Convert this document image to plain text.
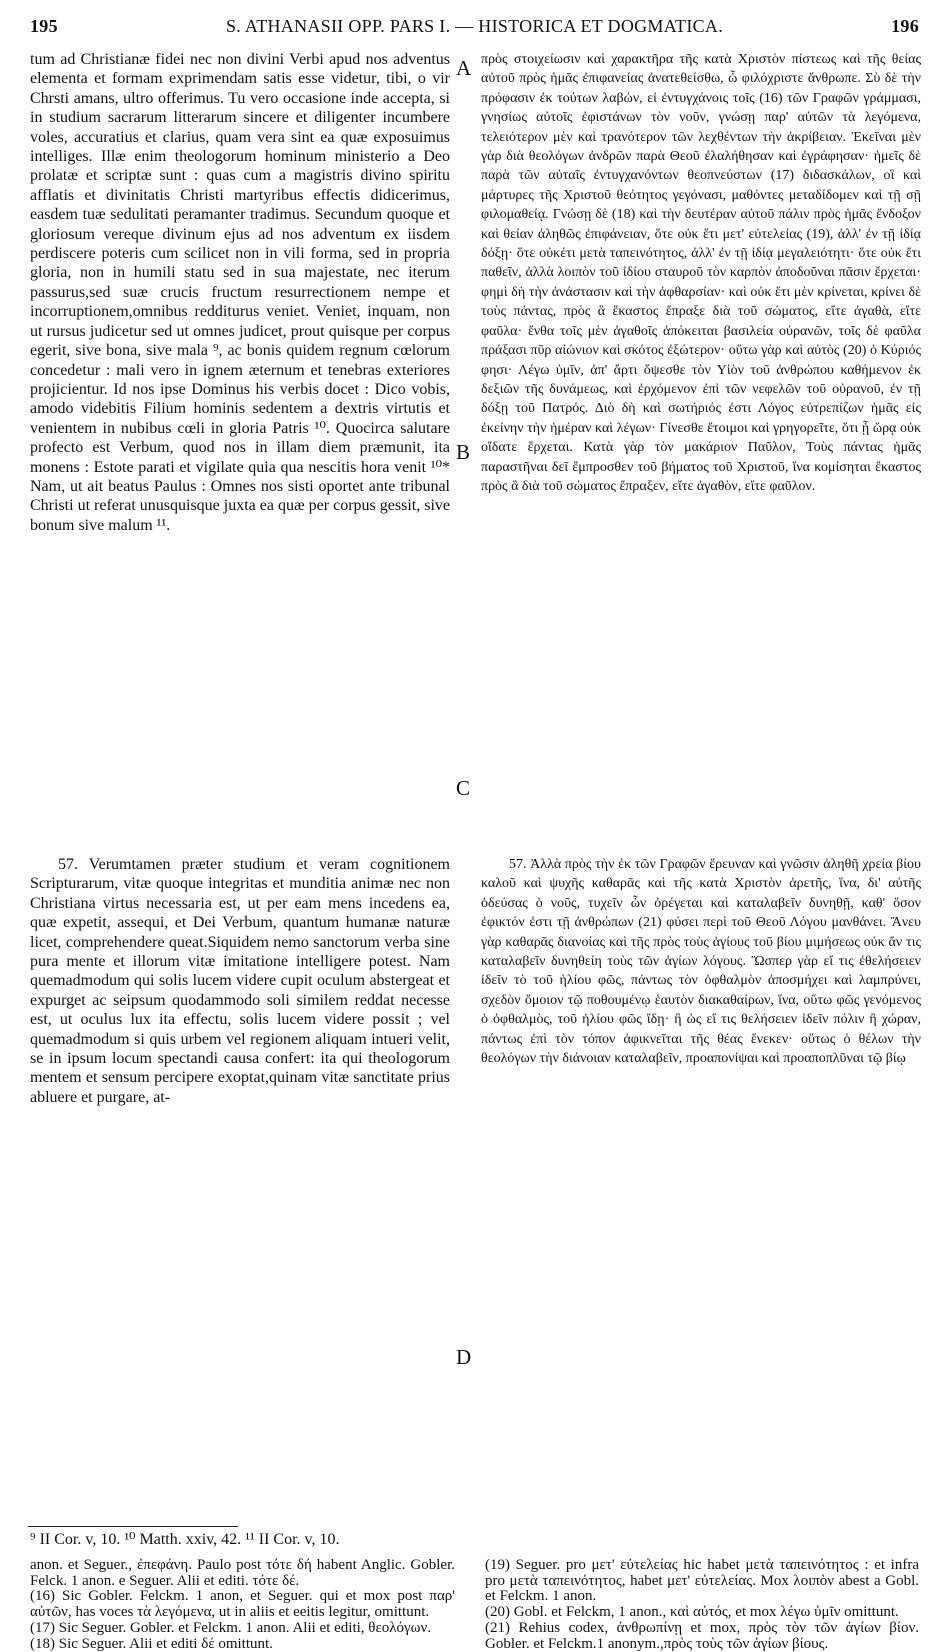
195	S. ATHANASII OPP. PARS I. — HISTORICA ET DOGMATICA.	196

tum ad Christianæ fidei nec non divini Verbi apud nos adventus elementa et formam exprimendam satis esse videtur, tibi, o vir Chrsti amans, ultro offerimus. Tu vero occasione inde accepta, si in studium sacrarum litterarum sincere et diligenter incumbere voles, accuratius et clarius, quam vera sint ea quæ exposuimus intelliges. Illæ enim theologorum hominum ministerio a Deo prolatæ et scriptæ sunt : quas cum a magistris divino spiritu afflatis et divinitatis Christi martyribus effectis didicerimus, easdem tuæ sedulitati peramanter tradimus. Secundum quoque et gloriosum vereque divinum ejus ad nos adventum ex iisdem perdiscere poteris cum scilicet non in vili forma, sed in propria gloria, non in humili statu sed in sua majestate, nec iterum passurus,sed suæ crucis fructum resurrectionem nempe et incorruptionem,omnibus redditurus veniet. Veniet, inquam, non ut rursus judicetur sed ut omnes judicet, prout quisque per corpus egerit, sive bona, sive mala ⁹, ac bonis quidem regnum cœlorum concedetur : mali vero in ignem æternum et tenebras exteriores projicientur. Id nos ipse Dominus his verbis docet : Dico vobis, amodo videbitis Filium hominis sedentem a dextris virtutis et venientem in nubibus cœli in gloria Patris ¹⁰. Quocirca salutare profecto est Verbum, quod nos in illam diem præmunit, ita monens : Estote parati et vigilate quia qua nescitis hora venit ¹⁰* Nam, ut ait beatus Paulus : Omnes nos sisti oportet ante tribunal Christi ut referat unusquisque juxta ea quæ per corpus gessit, sive bonum sive malum ¹¹.

πρὸς στοιχείωσιν καὶ χαρακτῆρα τῆς κατὰ Χριστὸν πίστεως καὶ τῆς θείας αὐτοῦ πρὸς ἡμᾶς ἐπιφανείας ἀνατεθείσθω, ὦ φιλόχριστε ἄνθρωπε. Σὺ δὲ τὴν πρόφασιν ἐκ τούτων λαβών, εἰ ἐντυγχάνοις τοῖς (16) τῶν Γραφῶν γράμμασι, γνησίως αὐτοῖς ἐφιστάνων τὸν νοῦν, γνώσῃ παρ' αὐτῶν τὰ λεγόμενα, τελειότερον μὲν καὶ τρανότερον τῶν λεχθέντων τὴν ἀκρίβειαν. Ἐκεῖναι μὲν γὰρ διὰ θεολόγων ἀνδρῶν παρὰ Θεοῦ ἐλαλήθησαν καὶ ἐγράφησαν· ἡμεῖς δὲ παρὰ τῶν αὐταῖς ἐντυγχανόντων θεοπνεύστων (17) διδασκάλων, οἳ καὶ μάρτυρες τῆς Χριστοῦ θεότητος γεγόνασι, μαθόντες μεταδίδομεν καὶ τῇ σῇ φιλομαθείᾳ. Γνώσῃ δὲ (18) καὶ τὴν δευτέραν αὐτοῦ πάλιν πρὸς ἡμᾶς ἔνδοξον καὶ θείαν ἀληθῶς ἐπιφάνειαν, ὅτε οὐκ ἔτι μετ' εὐτελείας (19), ἀλλ' ἐν τῇ ἰδίᾳ δόξῃ· ὅτε οὐκέτι μετὰ ταπεινότητος, ἀλλ' ἐν τῇ ἰδίᾳ μεγαλειότητι· ὅτε οὐκ ἔτι παθεῖν, ἀλλὰ λοιπὸν τοῦ ἰδίου σταυροῦ τὸν καρπὸν ἀποδοῦναι πᾶσιν ἔρχεται· φημὶ δὴ τὴν ἀνάστασιν καὶ τὴν ἀφθαρσίαν· καὶ οὐκ ἔτι μὲν κρίνεται, κρίνει δὲ τοὺς πάντας, πρὸς ἃ ἕκαστος ἔπραξε διὰ τοῦ σώματος, εἴτε ἀγαθὰ, εἴτε φαῦλα· ἔνθα τοῖς μὲν ἀγαθοῖς ἀπόκειται βασιλεία οὐρανῶν, τοῖς δὲ φαῦλα πράξασι πῦρ αἰώνιον καὶ σκότος ἐξώτερον· οὕτω γὰρ καὶ αὐτὸς (20) ὁ Κύριός φησι· Λέγω ὑμῖν, ἀπ' ἄρτι ὄψεσθε τὸν Υἱὸν τοῦ ἀνθρώπου καθήμενον ἐκ δεξιῶν τῆς δυνάμεως, καὶ ἐρχόμενον ἐπὶ τῶν νεφελῶν τοῦ οὐρανοῦ, ἐν τῇ δόξῃ τοῦ Πατρός. Διὸ δὴ καὶ σωτήριός ἐστι Λόγος εὐτρεπίζων ἡμᾶς εἰς ἐκείνην τὴν ἡμέραν καὶ λέγων· Γίνεσθε ἕτοιμοι καὶ γρηγορεῖτε, ὅτι ᾗ ὥρᾳ οὐκ οἴδατε ἔρχεται. Κατὰ γὰρ τὸν μακάριον Παῦλον, Τοὺς πάντας ἡμᾶς παραστῆναι δεῖ ἔμπροσθεν τοῦ βήματος τοῦ Χριστοῦ, ἵνα κομίσηται ἕκαστος πρὸς ἃ διὰ τοῦ σώματος ἔπραξεν, εἴτε ἀγαθὸν, εἴτε φαῦλον.

A
B
C
D

57. Verumtamen præter studium et veram cognitionem Scripturarum, vitæ quoque integritas et munditia animæ nec non Christiana virtus necessaria est, ut per eam mens incedens ea, quæ expetit, assequi, et Dei Verbum, quantum humanæ naturæ licet, comprehendere queat.Siquidem nemo sanctorum verba sine pura mente et illorum vitæ imitatione intelligere potest. Nam quemadmodum qui solis lucem videre cupit oculum abstergeat et expurget ac seipsum quodammodo soli similem reddat necesse est, ut oculus lux ita effectu, solis lucem videre possit ; vel quemadmodum si quis urbem vel regionem aliquam intueri velit, se in ipsum locum spectandi causa confert: ita qui theologorum mentem et sensum percipere exoptat,quinam vitæ sanctitate prius abluere et purgare, at-

57. Ἀλλὰ πρὸς τὴν ἐκ τῶν Γραφῶν ἔρευναν καὶ γνῶσιν ἀληθῆ χρεία βίου καλοῦ καὶ ψυχῆς καθαρᾶς καὶ τῆς κατὰ Χριστὸν ἀρετῆς, ἵνα, δι' αὐτῆς ὁδεύσας ὁ νοῦς, τυχεῖν ὧν ὀρέγεται καὶ καταλαβεῖν δυνηθῇ, καθ' ὅσον ἐφικτόν ἐστι τῇ ἀνθρώπων (21) φύσει περὶ τοῦ Θεοῦ Λόγου μανθάνει. Ἄνευ γὰρ καθαρᾶς διανοίας καὶ τῆς πρὸς τοὺς ἁγίους τοῦ βίου μιμήσεως οὐκ ἄν τις καταλαβεῖν δυνηθείη τοὺς τῶν ἁγίων λόγους. Ὥσπερ γὰρ εἴ τις ἐθελήσειεν ἰδεῖν τὸ τοῦ ἡλίου φῶς, πάντως τὸν ὀφθαλμὸν ἀποσμήχει καὶ λαμπρύνει, σχεδὸν ὅμοιον τῷ ποθουμένῳ ἑαυτὸν διακαθαίρων, ἵνα, οὕτω φῶς γενόμενος ὁ ὀφθαλμὸς, τοῦ ἡλίου φῶς ἴδῃ· ἢ ὡς εἴ τις θελήσειεν ἰδεῖν πόλιν ἢ χώραν, πάντως ἐπὶ τὸν τόπον ἀφικνεῖται τῆς θέας ἕνεκεν· οὕτως ὁ θέλων τὴν θεολόγων τὴν διάνοιαν καταλαβεῖν, προαπονίψαι καὶ προαποπλῦναι τῷ βίῳ

⁹ II Cor. v, 10. ¹⁰ Matth. xxiv, 42. ¹¹ II Cor. v, 10.

anon. et Seguer., ἐπεφάνη. Paulo post τότε δή habent Anglic. Gobler. Felck. 1 anon. e Seguer. Alii et editi. τότε δέ.

(16) Sic Gobler. Felckm. 1 anon, et Seguer. qui et mox post παρ' αὐτῶν, has voces τὰ λεγόμενα, ut in aliis et eeitis legitur, omittunt.

(17) Sic Seguer. Gobler. et Felckm. 1 anon. Alii et editi, θεολόγων.

(18) Sic Seguer. Alii et editi δέ omittunt.

(19) Seguer. pro μετ' εὐτελείας hic habet μετὰ ταπεινότητος : et infra pro μετὰ ταπεινότητος, habet μετ' εὐτελείας. Mox λοιπὸν abest a Gobl. et Felckm. 1 anon.

(20) Gobl. et Felckm, 1 anon., καὶ αὐτός, et mox λέγω ὑμῖν omittunt.

(21) Rehius codex, ἀνθρωπίνῃ et mox, πρὸς τὸν τῶν ἁγίων βίον. Gobler. et Felckm.1 anonym.,πρὸς τοὺς τῶν ἁγίων βίους.
